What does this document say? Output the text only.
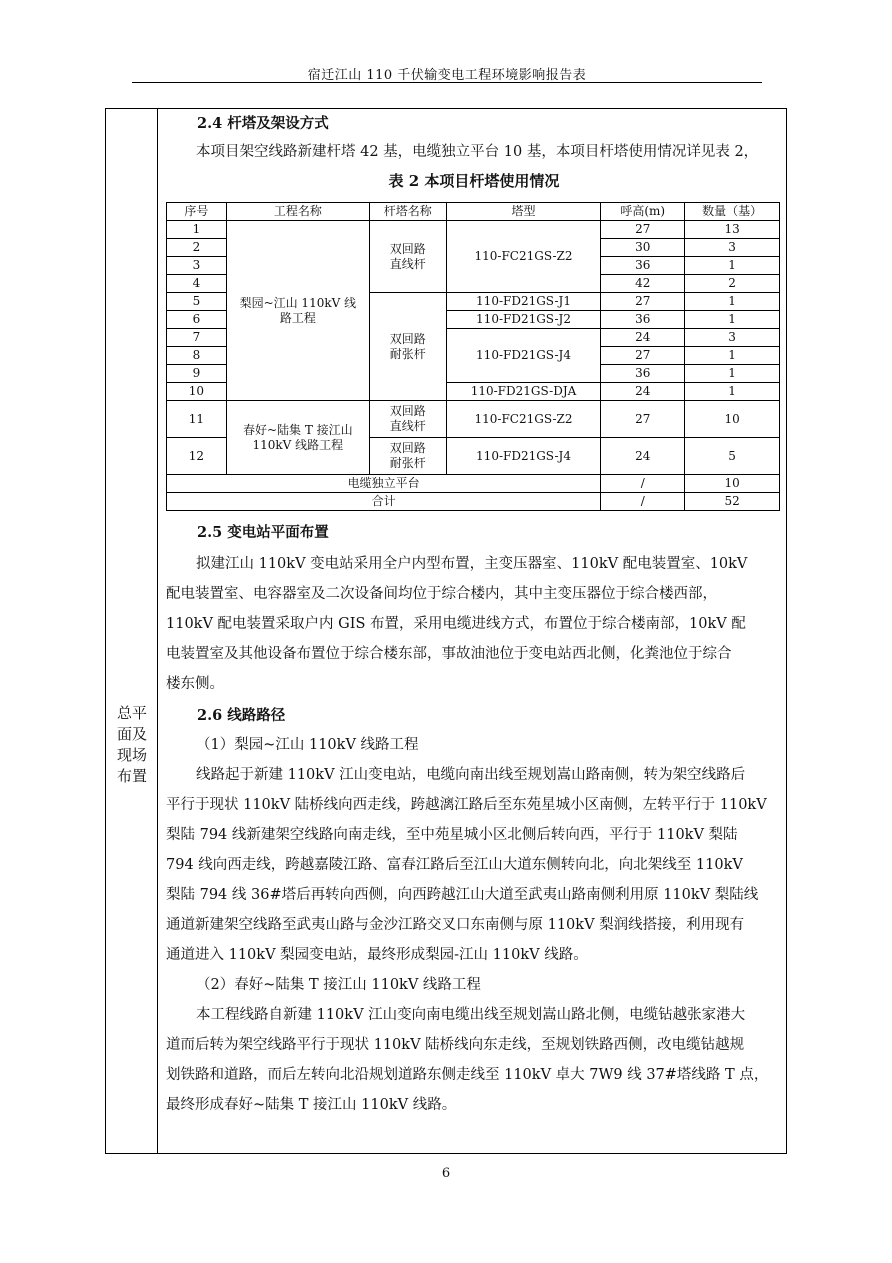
宿迁江山 110 千伏输变电工程环境影响报告表
总平
面及
现场
布置
2.4 杆塔及架设方式
本项目架空线路新建杆塔 42 基，电缆独立平台 10 基，本项目杆塔使用情况详见表 2，
表 2 本项目杆塔使用情况
序号	工程名称	杆塔名称	塔型	呼高(m)	数量（基）
1	梨园~江山 110kV 线路工程	双回路直线杆	110-FC21GS-Z2	27	13
2				30	3
3				36	1
4				42	2
5		双回路耐张杆	110-FD21GS-J1	27	1
6			110-FD21GS-J2	36	1
7			110-FD21GS-J4	24	3
8				27	1
9				36	1
10			110-FD21GS-DJA	24	1
11	春好~陆集 T 接江山 110kV 线路工程	双回路直线杆	110-FC21GS-Z2	27	10
12		双回路耐张杆	110-FD21GS-J4	24	5
电缆独立平台				/	10
合计				/	52
2.5 变电站平面布置
拟建江山 110kV 变电站采用全户内型布置，主变压器室、110kV 配电装置室、10kV
配电装置室、电容器室及二次设备间均位于综合楼内，其中主变压器位于综合楼西部，
110kV 配电装置采取户内 GIS 布置，采用电缆进线方式，布置位于综合楼南部，10kV 配
电装置室及其他设备布置位于综合楼东部，事故油池位于变电站西北侧，化粪池位于综合
楼东侧。
2.6 线路路径
（1）梨园~江山 110kV 线路工程
线路起于新建 110kV 江山变电站，电缆向南出线至规划嵩山路南侧，转为架空线路后
平行于现状 110kV 陆桥线向西走线，跨越漓江路后至东苑星城小区南侧，左转平行于 110kV
梨陆 794 线新建架空线路向南走线，至中苑星城小区北侧后转向西，平行于 110kV 梨陆
794 线向西走线，跨越嘉陵江路、富春江路后至江山大道东侧转向北，向北架线至 110kV
梨陆 794 线 36#塔后再转向西侧，向西跨越江山大道至武夷山路南侧利用原 110kV 梨陆线
通道新建架空线路至武夷山路与金沙江路交叉口东南侧与原 110kV 梨润线搭接，利用现有
通道进入 110kV 梨园变电站，最终形成梨园-江山 110kV 线路。
（2）春好~陆集 T 接江山 110kV 线路工程
本工程线路自新建 110kV 江山变向南电缆出线至规划嵩山路北侧，电缆钻越张家港大
道而后转为架空线路平行于现状 110kV 陆桥线向东走线，至规划铁路西侧，改电缆钻越规
划铁路和道路，而后左转向北沿规划道路东侧走线至 110kV 卓大 7W9 线 37#塔线路 T 点，
最终形成春好~陆集 T 接江山 110kV 线路。
6
